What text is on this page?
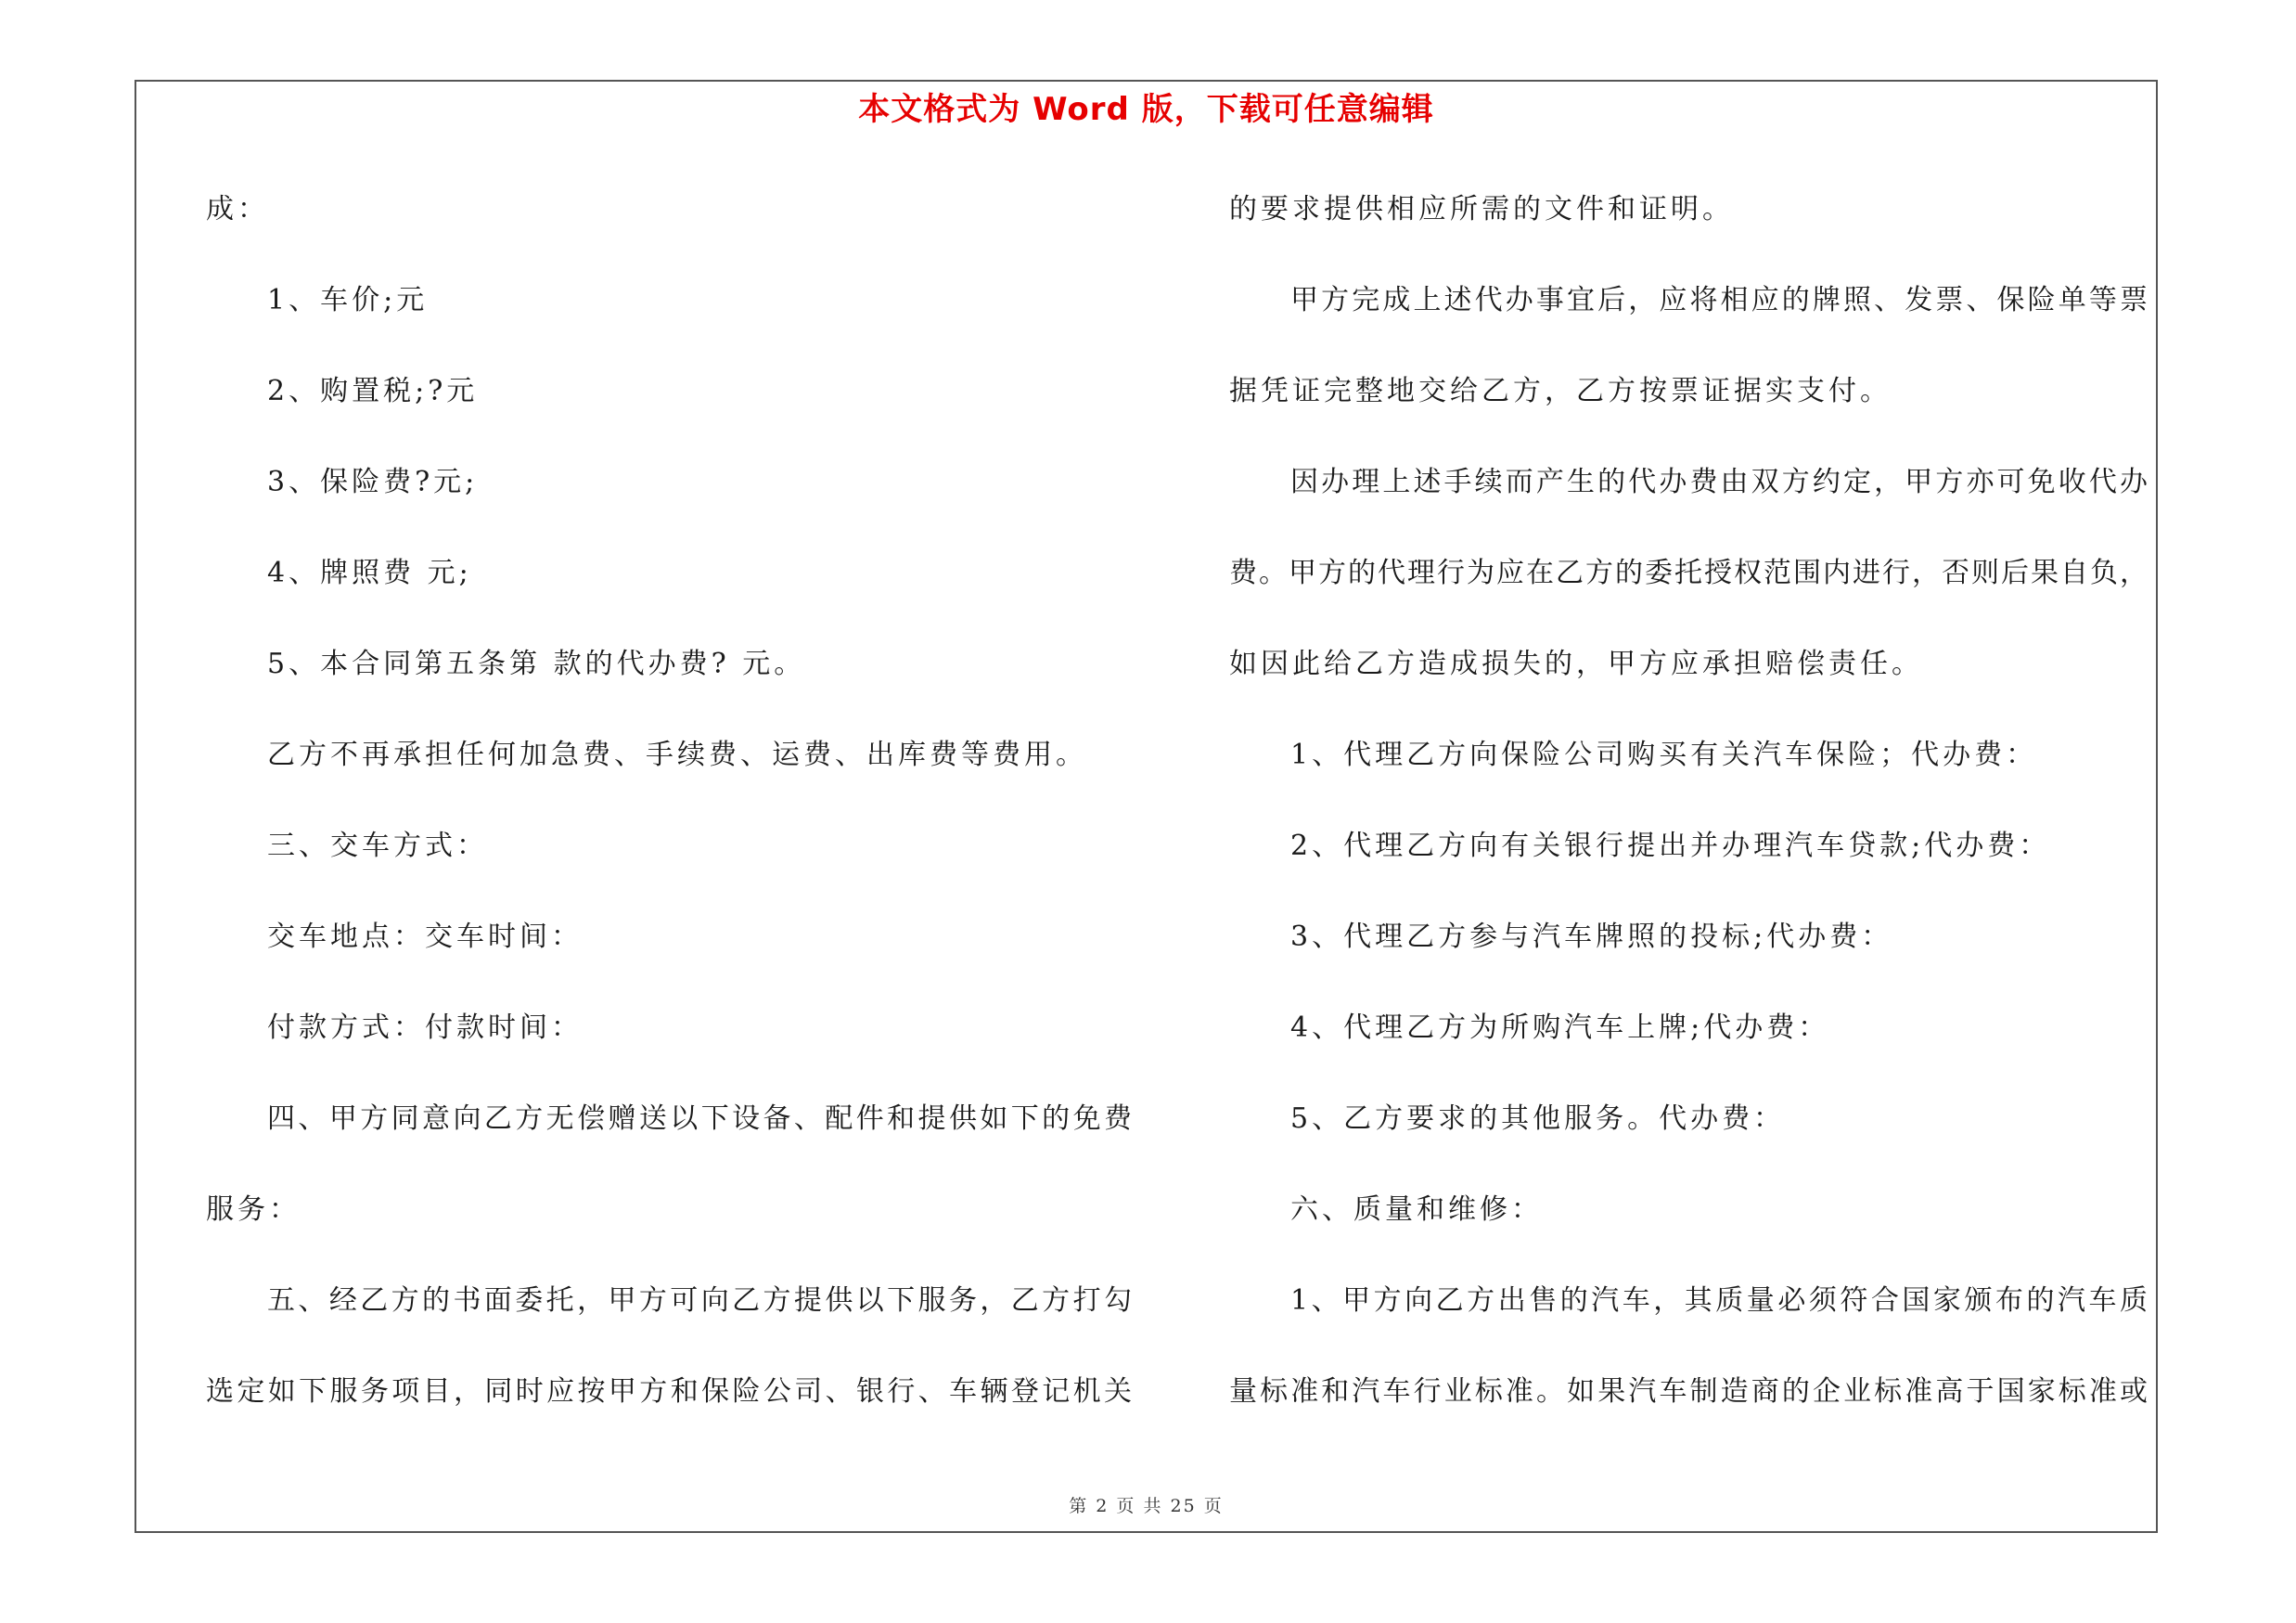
本文格式为 Word 版，下载可任意编辑
成：
1、车价;元
2、购置税;?元
3、保险费?元;
4、牌照费 元;
5、本合同第五条第 款的代办费? 元。
乙方不再承担任何加急费、手续费、运费、出库费等费用。
三、交车方式：
交车地点：交车时间：
付款方式：付款时间：
四、甲方同意向乙方无偿赠送以下设备、配件和提供如下的免费
服务：
五、经乙方的书面委托，甲方可向乙方提供以下服务，乙方打勾
选定如下服务项目，同时应按甲方和保险公司、银行、车辆登记机关
的要求提供相应所需的文件和证明。
甲方完成上述代办事宜后，应将相应的牌照、发票、保险单等票
据凭证完整地交给乙方，乙方按票证据实支付。
因办理上述手续而产生的代办费由双方约定，甲方亦可免收代办
费。甲方的代理行为应在乙方的委托授权范围内进行，否则后果自负，
如因此给乙方造成损失的，甲方应承担赔偿责任。
1、代理乙方向保险公司购买有关汽车保险；代办费：
2、代理乙方向有关银行提出并办理汽车贷款;代办费：
3、代理乙方参与汽车牌照的投标;代办费：
4、代理乙方为所购汽车上牌;代办费：
5、乙方要求的其他服务。代办费：
六、质量和维修：
1、甲方向乙方出售的汽车，其质量必须符合国家颁布的汽车质
量标准和汽车行业标准。如果汽车制造商的企业标准高于国家标准或
第 2 页 共 25 页
